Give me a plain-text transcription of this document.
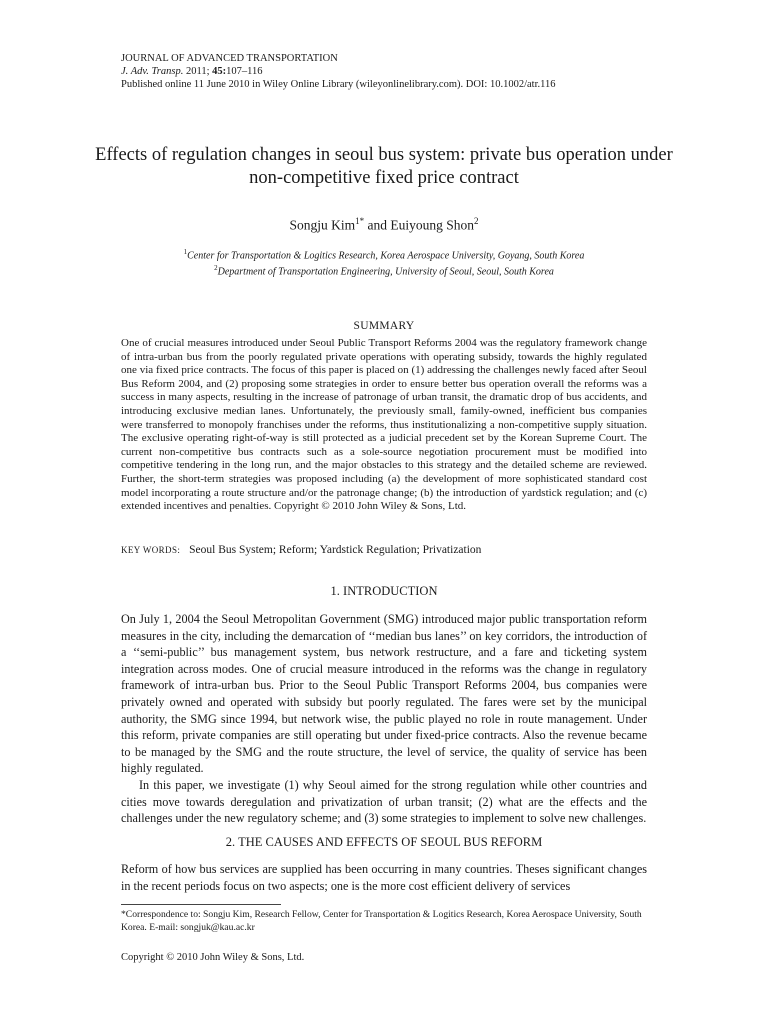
JOURNAL OF ADVANCED TRANSPORTATION
J. Adv. Transp. 2011; 45:107–116
Published online 11 June 2010 in Wiley Online Library (wileyonlinelibrary.com). DOI: 10.1002/atr.116
Effects of regulation changes in seoul bus system: private bus operation under non-competitive fixed price contract
Songju Kim$^{1*}$ and Euiyoung Shon$^2$
$^1$Center for Transportation & Logitics Research, Korea Aerospace University, Goyang, South Korea
$^2$Department of Transportation Engineering, University of Seoul, Seoul, South Korea
SUMMARY

One of crucial measures introduced under Seoul Public Transport Reforms 2004 was the regulatory framework change of intra-urban bus from the poorly regulated private operations with operating subsidy, towards the highly regulated one via fixed price contracts. The focus of this paper is placed on (1) addressing the challenges newly faced after Seoul Bus Reform 2004, and (2) proposing some strategies in order to ensure better bus operation overall the reforms was a success in many aspects, resulting in the increase of patronage of urban transit, the dramatic drop of bus accidents, and introducing exclusive median lanes. Unfortunately, the previously small, family-owned, inefficient bus companies were transferred to monopoly franchises under the reforms, thus institutionalizing a non-competitive supply situation. The exclusive operating right-of-way is still protected as a judicial precedent set by the Korean Supreme Court. The current non-competitive bus contracts such as a sole-source negotiation procurement must be modified into competitive tendering in the long run, and the major obstacles to this strategy and the detailed scheme are reviewed. Further, the short-term strategies was proposed including (a) the development of more sophisticated standard cost model incorporating a route structure and/or the patronage change; (b) the introduction of yardstick regulation; and (c) extended incentives and penalties. Copyright © 2010 John Wiley & Sons, Ltd.

KEY WORDS: Seoul Bus System; Reform; Yardstick Regulation; Privatization
1. INTRODUCTION

On July 1, 2004 the Seoul Metropolitan Government (SMG) introduced major public transportation reform measures in the city, including the demarcation of ‘‘median bus lanes’’ on key corridors, the introduction of a ‘‘semi-public’’ bus management system, bus network restructure, and a fare and ticketing system integration across modes. One of crucial measure introduced in the reforms was the change in regulatory framework of intra-urban bus. Prior to the Seoul Public Transport Reforms 2004, bus companies were privately owned and operated with subsidy but poorly regulated. The fares were set by the municipal authority, the SMG since 1994, but network wise, the public played no role in route management. Under this reform, private companies are still operating but under fixed-price contracts. Also the revenue became to be managed by the SMG and the route structure, the level of service, the quality of service has been highly regulated.

In this paper, we investigate (1) why Seoul aimed for the strong regulation while other countries and cities move towards deregulation and privatization of urban transit; (2) what are the effects and the challenges under the new regulatory scheme; and (3) some strategies to implement to solve new challenges.

2. THE CAUSES AND EFFECTS OF SEOUL BUS REFORM

Reform of how bus services are supplied has been occurring in many countries. Theses significant changes in the recent periods focus on two aspects; one is the more cost efficient delivery of services

*Correspondence to: Songju Kim, Research Fellow, Center for Transportation & Logitics Research, Korea Aerospace University, South Korea. E-mail: songjuk@kau.ac.kr
Copyright © 2010 John Wiley & Sons, Ltd.
